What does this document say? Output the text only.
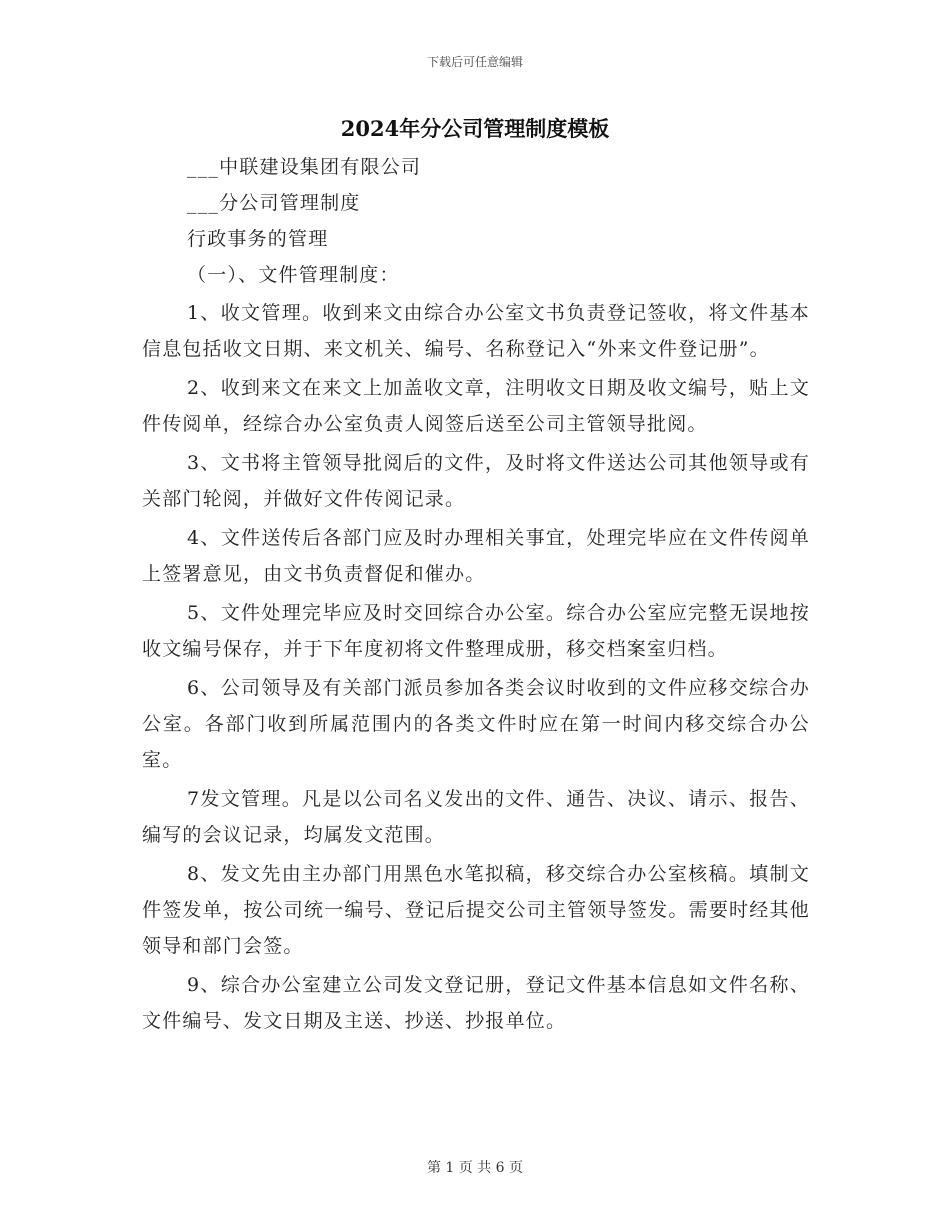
下载后可任意编辑
2024年分公司管理制度模板
___中联建设集团有限公司
___分公司管理制度
行政事务的管理
（一）、文件管理制度：

1、收文管理。收到来文由综合办公室文书负责登记签收，将文件基本信息包括收文日期、来文机关、编号、名称登记入“外来文件登记册”。

2、收到来文在来文上加盖收文章，注明收文日期及收文编号，贴上文件传阅单，经综合办公室负责人阅签后送至公司主管领导批阅。

3、文书将主管领导批阅后的文件，及时将文件送达公司其他领导或有关部门轮阅，并做好文件传阅记录。

4、文件送传后各部门应及时办理相关事宜，处理完毕应在文件传阅单上签署意见，由文书负责督促和催办。

5、文件处理完毕应及时交回综合办公室。综合办公室应完整无误地按收文编号保存，并于下年度初将文件整理成册，移交档案室归档。

6、公司领导及有关部门派员参加各类会议时收到的文件应移交综合办公室。各部门收到所属范围内的各类文件时应在第一时间内移交综合办公室。

7发文管理。凡是以公司名义发出的文件、通告、决议、请示、报告、编写的会议记录，均属发文范围。

8、发文先由主办部门用黑色水笔拟稿，移交综合办公室核稿。填制文件签发单，按公司统一编号、登记后提交公司主管领导签发。需要时经其他领导和部门会签。

9、综合办公室建立公司发文登记册，登记文件基本信息如文件名称、文件编号、发文日期及主送、抄送、抄报单位。

第 1 页 共 6 页
